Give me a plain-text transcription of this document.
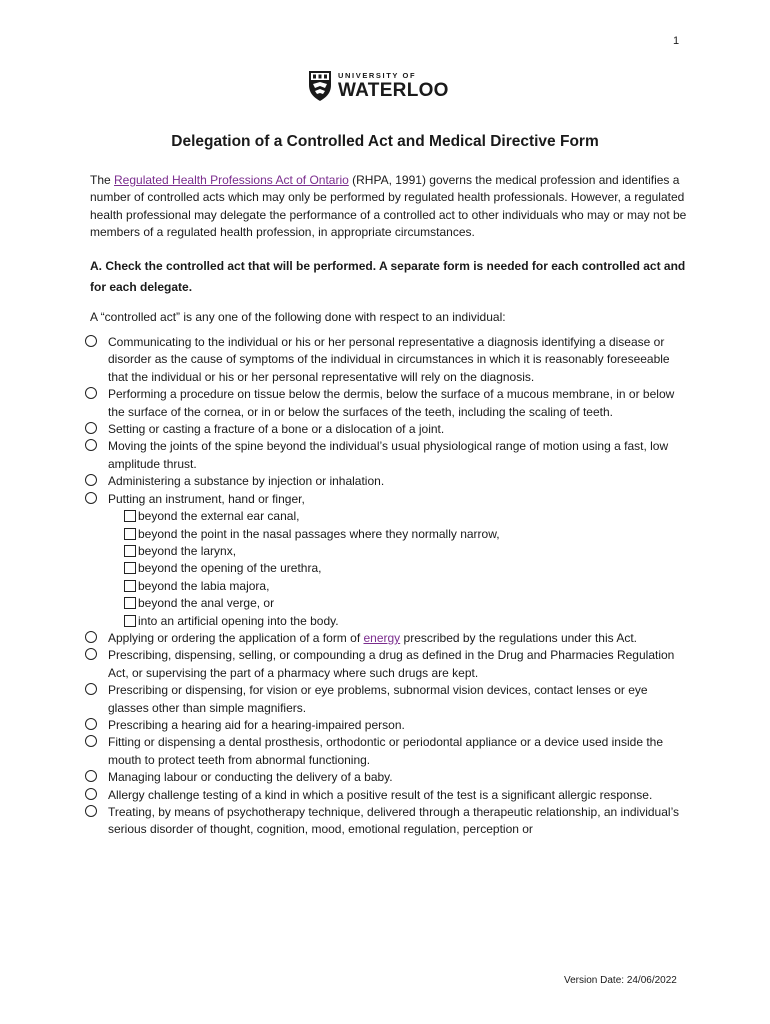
1
UNIVERSITY OF
WATERLOO
Delegation of a Controlled Act and Medical Directive Form

The Regulated Health Professions Act of Ontario (RHPA, 1991) governs the medical profession and identifies a number of controlled acts which may only be performed by regulated health professionals. However, a regulated health professional may delegate the performance of a controlled act to other individuals who may or may not be members of a regulated health profession, in appropriate circumstances.

A. Check the controlled act that will be performed. A separate form is needed for each controlled act and for each delegate.

A “controlled act” is any one of the following done with respect to an individual:

Communicating to the individual or his or her personal representative a diagnosis identifying a disease or disorder as the cause of symptoms of the individual in circumstances in which it is reasonably foreseeable that the individual or his or her personal representative will rely on the diagnosis.
Performing a procedure on tissue below the dermis, below the surface of a mucous membrane, in or below the surface of the cornea, or in or below the surfaces of the teeth, including the scaling of teeth.
Setting or casting a fracture of a bone or a dislocation of a joint.
Moving the joints of the spine beyond the individual’s usual physiological range of motion using a fast, low amplitude thrust.
Administering a substance by injection or inhalation.
Putting an instrument, hand or finger,
beyond the external ear canal,
beyond the point in the nasal passages where they normally narrow,
beyond the larynx,
beyond the opening of the urethra,
beyond the labia majora,
beyond the anal verge, or
into an artificial opening into the body.
Applying or ordering the application of a form of energy prescribed by the regulations under this Act.
Prescribing, dispensing, selling, or compounding a drug as defined in the Drug and Pharmacies Regulation Act, or supervising the part of a pharmacy where such drugs are kept.
Prescribing or dispensing, for vision or eye problems, subnormal vision devices, contact lenses or eye glasses other than simple magnifiers.
Prescribing a hearing aid for a hearing-impaired person.
Fitting or dispensing a dental prosthesis, orthodontic or periodontal appliance or a device used inside the mouth to protect teeth from abnormal functioning.
Managing labour or conducting the delivery of a baby.
Allergy challenge testing of a kind in which a positive result of the test is a significant allergic response.
Treating, by means of psychotherapy technique, delivered through a therapeutic relationship, an individual’s serious disorder of thought, cognition, mood, emotional regulation, perception or
Version Date: 24/06/2022
